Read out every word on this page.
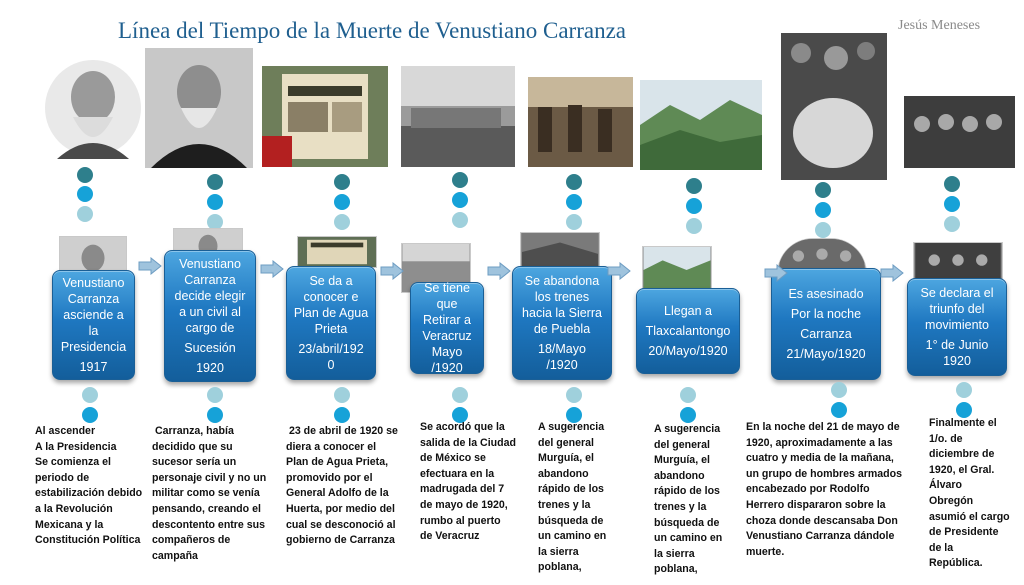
Línea del Tiempo de la Muerte de Venustiano Carranza	Jesús Meneses
Venustiano
Carranza
asciende a
la
Presidencia
1917
Venustiano
Carranza
decide elegir
a un civil al
cargo de
Sucesión
1920
Se da a
conocer e
Plan de Agua
Prieta
23/abril/192
0
Se tiene
que
Retirar a
Veracruz
Mayo
/1920
Se abandona
los trenes
hacia la Sierra
de Puebla
18/Mayo
/1920
Llegan a
Tlaxcalantongo
20/Mayo/1920
Es asesinado
Por la noche
Carranza
21/Mayo/1920
Se declara el
triunfo del
movimiento
1° de Junio
1920
Al ascender
A la Presidencia
Se comienza el
periodo de
estabilización debido
a la Revolución
Mexicana y la
Constitución Política
Carranza, había
decidido que su
sucesor sería un
personaje civil y no un
militar como se venía
pensando, creando el
descontento entre sus
compañeros de
campaña
23 de abril de 1920 se
diera a conocer el
Plan de Agua Prieta,
promovido por el
General Adolfo de la
Huerta, por medio del
cual se desconoció al
gobierno de Carranza
Se acordó que la
salida de la Ciudad
de México se
efectuara en la
madrugada del 7
de mayo de 1920,
rumbo al puerto
de Veracruz
A sugerencia
del general
Murguía, el
abandono
rápido de los
trenes y la
búsqueda de
un camino en
la sierra
poblana,
A sugerencia
del general
Murguía, el
abandono
rápido de los
trenes y la
búsqueda de
un camino en
la sierra
poblana,
En la noche del 21 de mayo de
1920, aproximadamente a las
cuatro y media de la mañana,
un grupo de hombres armados
encabezado por Rodolfo
Herrero dispararon sobre la
choza donde descansaba Don
Venustiano Carranza dándole
muerte.
Finalmente el
1/o. de
diciembre de
1920, el Gral.
Álvaro
Obregón
asumió el cargo
de Presidente
de la
República.
